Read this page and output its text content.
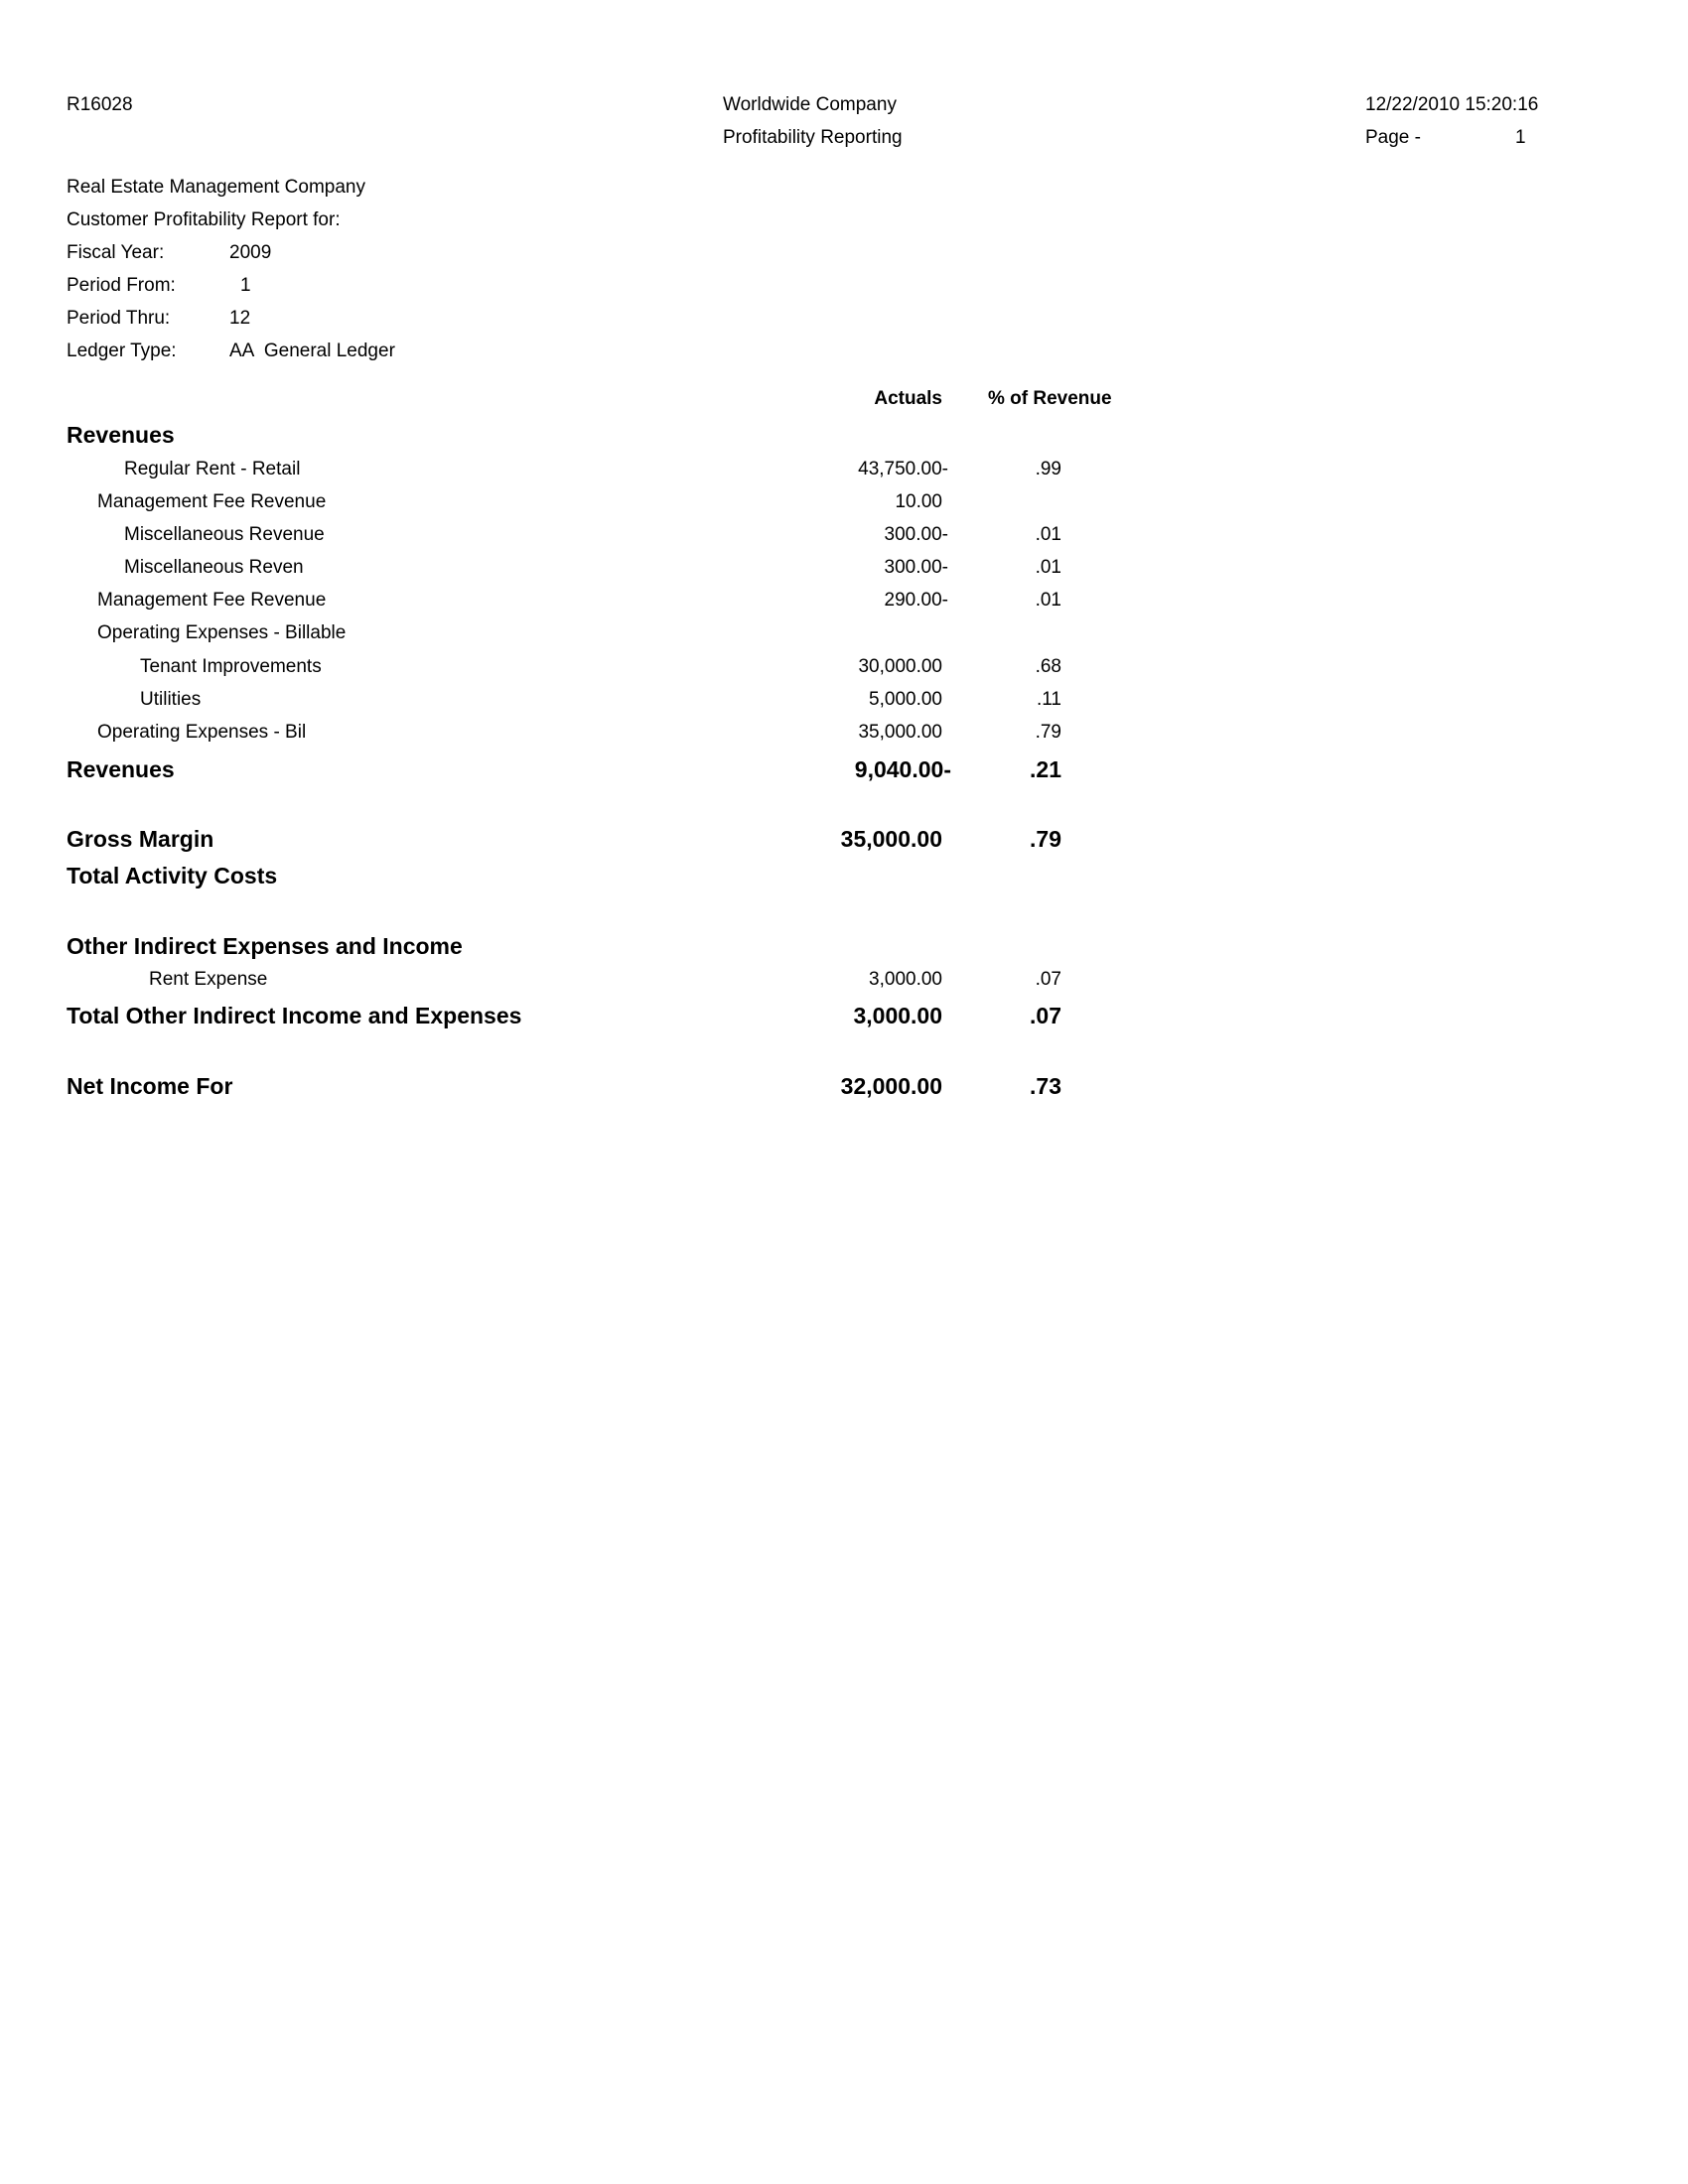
R16028	Worldwide Company
Profitability Reporting
12/22/2010 15:20:16
Page -	1
Real Estate Management Company
Customer Profitability Report for:
Fiscal Year:	2009
Period From:	1
Period Thru:	12
Ledger Type:	AA  General Ledger
Actuals % of Revenue
Revenues
Regular Rent - Retail	43,750.00-	.99
Management Fee Revenue	10.00
Miscellaneous Revenue	300.00-	.01
Miscellaneous Reven	300.00-	.01
Management Fee Revenue	290.00-	.01
Operating Expenses - Billable
Tenant Improvements	30,000.00	.68
Utilities	5,000.00	.11
Operating Expenses - Bil	35,000.00	.79
Revenues	9,040.00-	.21
Gross Margin	35,000.00	.79
Total Activity Costs
Other Indirect Expenses and Income
Rent Expense	3,000.00	.07
Total Other Indirect Income and Expenses	3,000.00	.07
Net Income For	32,000.00	.73
